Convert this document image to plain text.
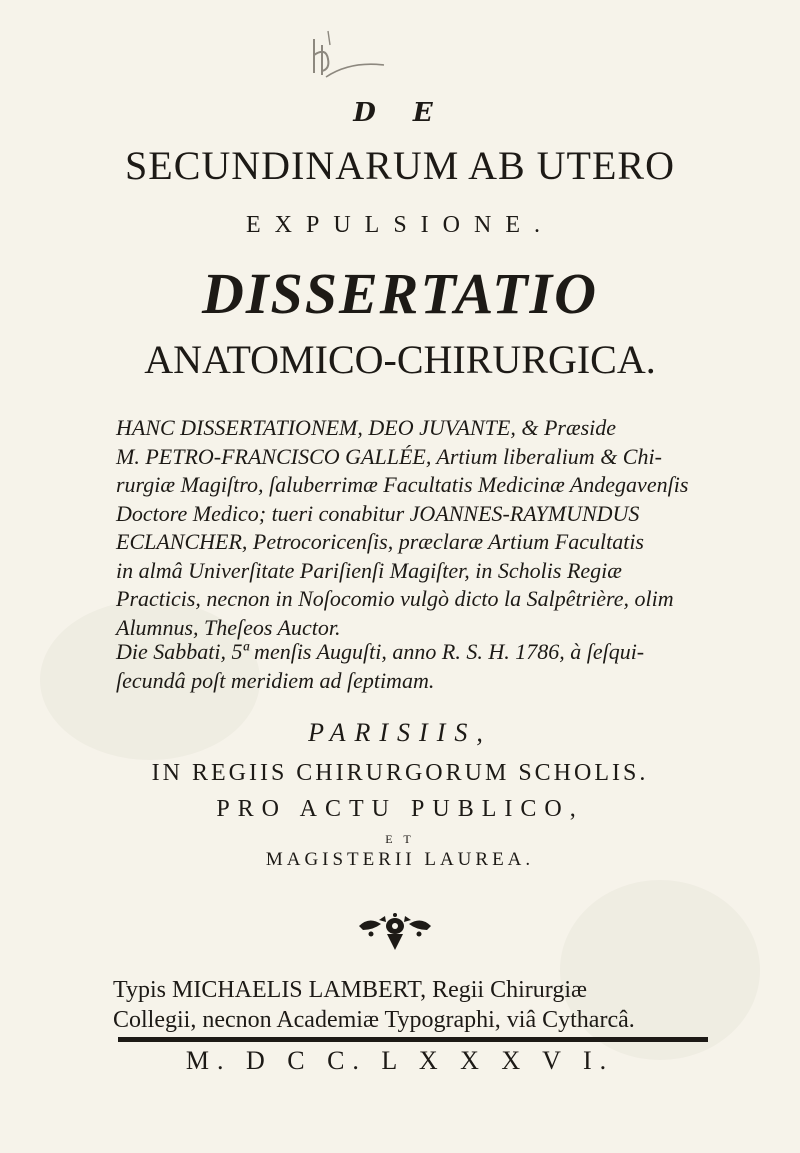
D E
SECUNDINARUM AB UTERO
EXPULSIONE.
DISSERTATIO
ANATOMICO-CHIRURGICA.
HANC DISSERTATIONEM, DEO JUVANTE, & Præside
M. PETRO-FRANCISCO GALLÉE, Artium liberalium & Chi-
rurgiæ Magiſtro, ſaluberrimæ Facultatis Medicinæ Andegavenſis
Doctore Medico; tueri conabitur JOANNES-RAYMUNDUS
ECLANCHER, Petrocoricenſis, præclaræ Artium Facultatis
in almâ Univerſitate Pariſienſi Magiſter, in Scholis Regiæ
Practicis, necnon in Noſocomio vulgò dicto la Salpêtrière, olim
Alumnus, Theſeos Auctor.
Die Sabbati, 5ª menſis Auguſti, anno R. S. H. 1786, à ſeſqui-
ſecundâ poſt meridiem ad ſeptimam.
PARISIIS,
IN REGIIS CHIRURGORUM SCHOLIS.
PRO ACTU PUBLICO,
E T
MAGISTERII LAUREA.
Typis MICHAELIS LAMBERT, Regii Chirurgiæ
Collegii, necnon Academiæ Typographi, viâ Cytharcâ.
M. D C C. L X X X V I.
